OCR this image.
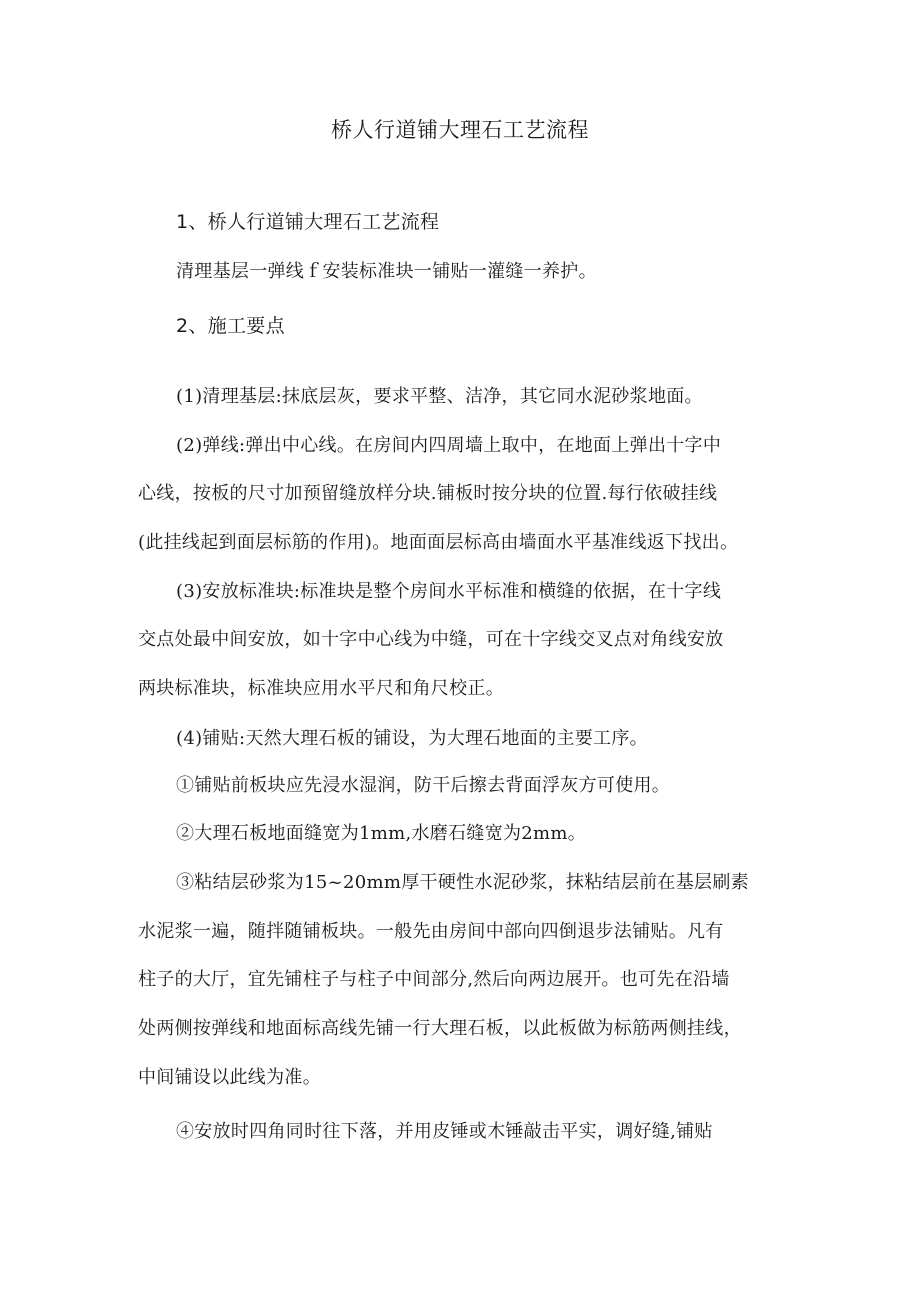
桥人行道铺大理石工艺流程
1、桥人行道铺大理石工艺流程
清理基层一弹线ｆ安装标准块一铺贴一灌缝一养护。
2、施工要点
(1)清理基层:抹底层灰，要求平整、洁净，其它同水泥砂浆地面。
(2)弹线:弹出中心线。在房间内四周墙上取中，在地面上弹出十字中
心线，按板的尺寸加预留缝放样分块.铺板时按分块的位置.每行依破挂线
(此挂线起到面层标筋的作用)。地面面层标高由墙面水平基准线返下找出。
(3)安放标准块:标准块是整个房间水平标准和横缝的依据，在十字线
交点处最中间安放，如十字中心线为中缝，可在十字线交叉点对角线安放
两块标准块，标准块应用水平尺和角尺校正。
(4)铺贴:天然大理石板的铺设，为大理石地面的主要工序。
①铺贴前板块应先浸水湿润，防干后擦去背面浮灰方可使用。
②大理石板地面缝宽为1mm,水磨石缝宽为2mm。
③粘结层砂浆为15~20mm厚干硬性水泥砂浆，抹粘结层前在基层刷素
水泥浆一遍，随拌随铺板块。一般先由房间中部向四倒退步法铺贴。凡有
柱子的大厅，宜先铺柱子与柱子中间部分,然后向两边展开。也可先在沿墙
处两侧按弹线和地面标高线先铺一行大理石板，以此板做为标筋两侧挂线，
中间铺设以此线为准。
④安放时四角同时往下落，并用皮锤或木锤敲击平实，调好缝,铺贴
